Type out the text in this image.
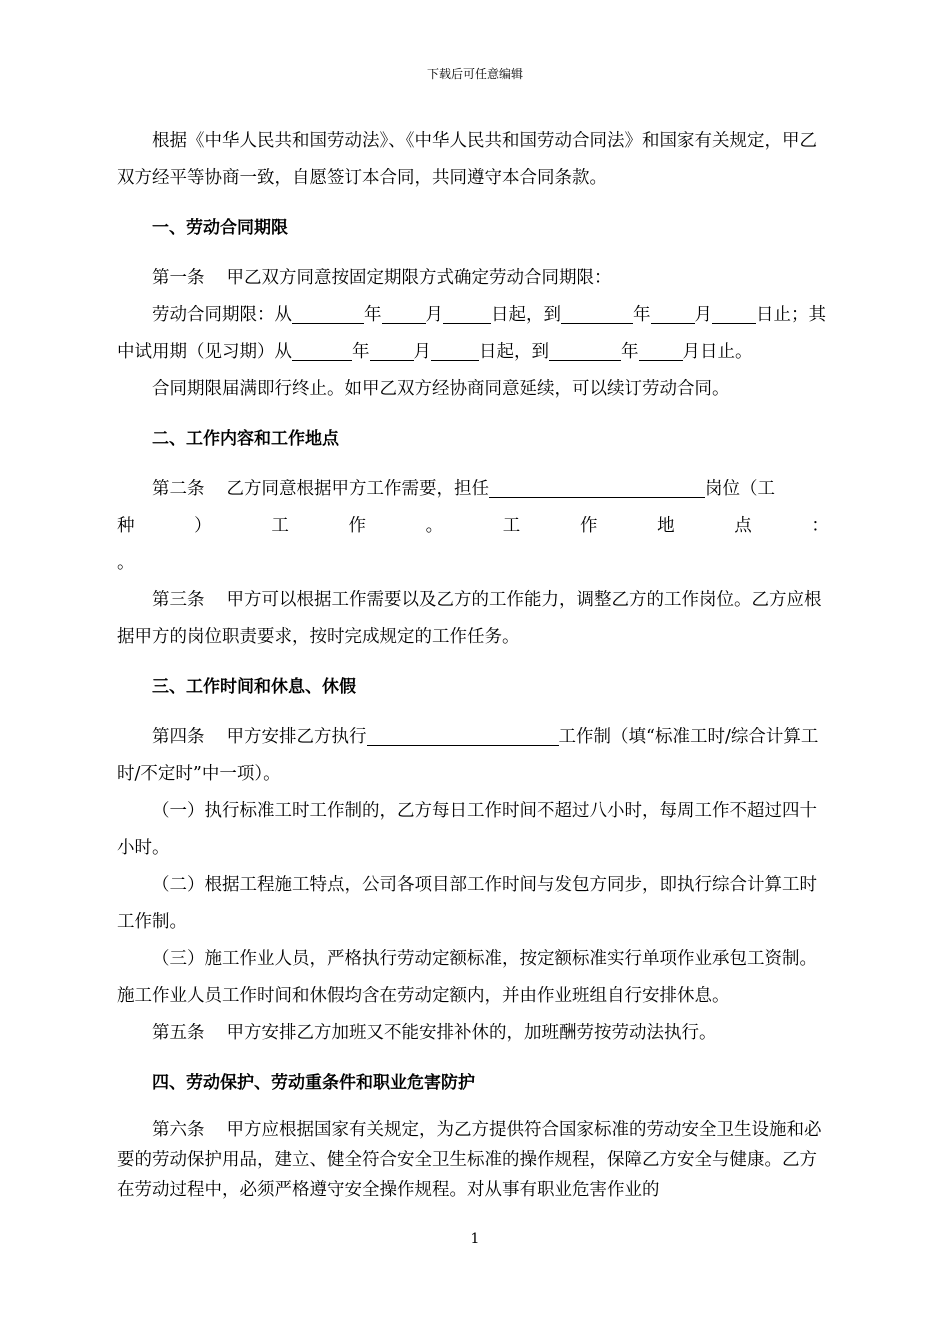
下载后可任意编辑

根据《中华人民共和国劳动法》、《中华人民共和国劳动合同法》和国家有关规定，甲乙双方经平等协商一致，自愿签订本合同，共同遵守本合同条款。

一、劳动合同期限

第一条 甲乙双方同意按固定期限方式确定劳动合同期限：

劳动合同期限：从	年	月	日起，到	年	月	日止；其中试用期（见习期）从	年	月	日起，到	年	月日止。

合同期限届满即行终止。如甲乙双方经协商同意延续，可以续订劳动合同。

二、工作内容和工作地点

第二条 乙方同意根据甲方工作需要，担任	岗位（工

种	）	工	作	。	工	作	地	点	：

。

第三条 甲方可以根据工作需要以及乙方的工作能力，调整乙方的工作岗位。乙方应根据甲方的岗位职责要求，按时完成规定的工作任务。

三、工作时间和休息、休假

第四条 甲方安排乙方执行	工作制（填“标准工时/综合计算工时/不定时”中一项）。

（一）执行标准工时工作制的，乙方每日工作时间不超过八小时，每周工作不超过四十小时。

（二）根据工程施工特点，公司各项目部工作时间与发包方同步，即执行综合计算工时工作制。

（三）施工作业人员，严格执行劳动定额标准，按定额标准实行单项作业承包工资制。施工作业人员工作时间和休假均含在劳动定额内，并由作业班组自行安排休息。

第五条 甲方安排乙方加班又不能安排补休的，加班酬劳按劳动法执行。

四、劳动保护、劳动重条件和职业危害防护

第六条 甲方应根据国家有关规定，为乙方提供符合国家标准的劳动安全卫生设施和必要的劳动保护用品，建立、健全符合安全卫生标准的操作规程，保障乙方安全与健康。乙方在劳动过程中，必须严格遵守安全操作规程。对从事有职业危害作业的

1
